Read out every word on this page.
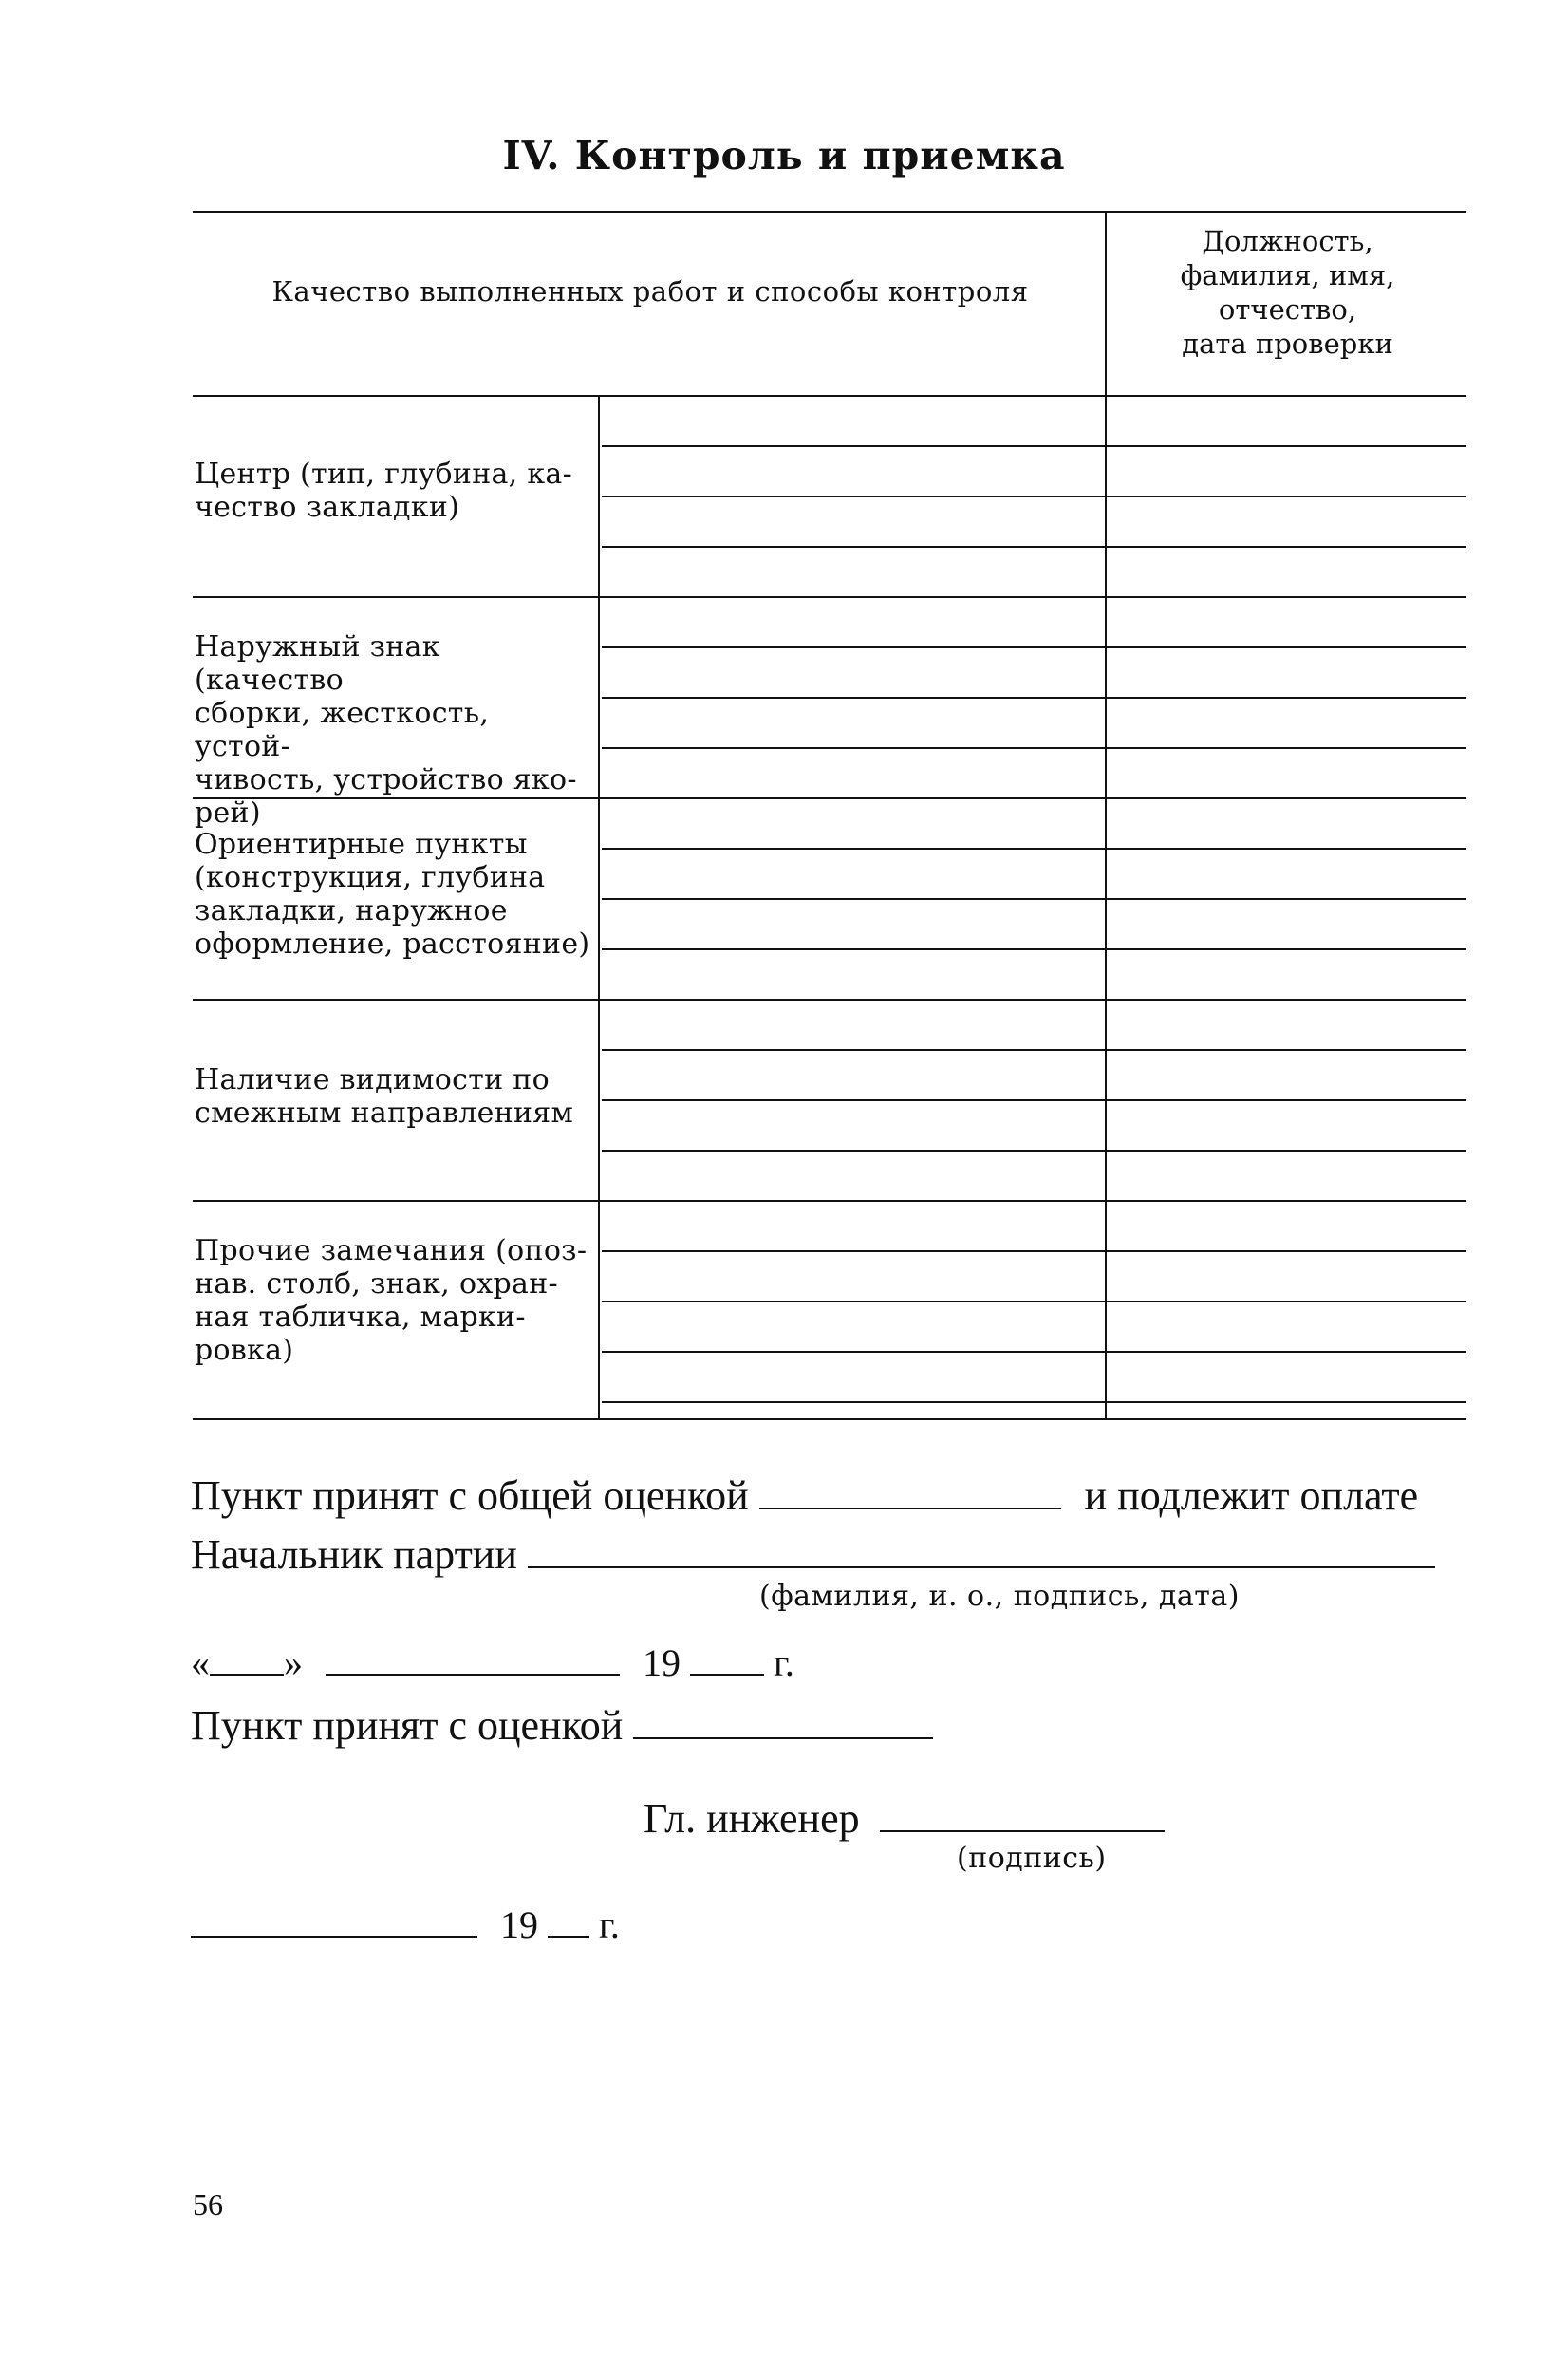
IV. Контроль и приемка
Качество выполненных работ и способы контроля
Должность,
фамилия, имя,
отчество,
дата проверки
Центр (тип, глубина, ка-
чество закладки)
Наружный знак (качество
сборки, жесткость, устой-
чивость, устройство яко-
рей)
Ориентирные пункты
(конструкция, глубина
закладки, наружное
оформление, расстояние)
Наличие видимости по
смежным направлениям
Прочие замечания (опоз-
нав. столб, знак, охран-
ная табличка, марки-
ровка)
Пункт принят с общей оценкой	и подлежит оплате
Начальник партии
(фамилия, и. о., подпись, дата)
« »	19 г.
Пункт принят с оценкой
Гл. инженер
(подпись)
19 г.
56
